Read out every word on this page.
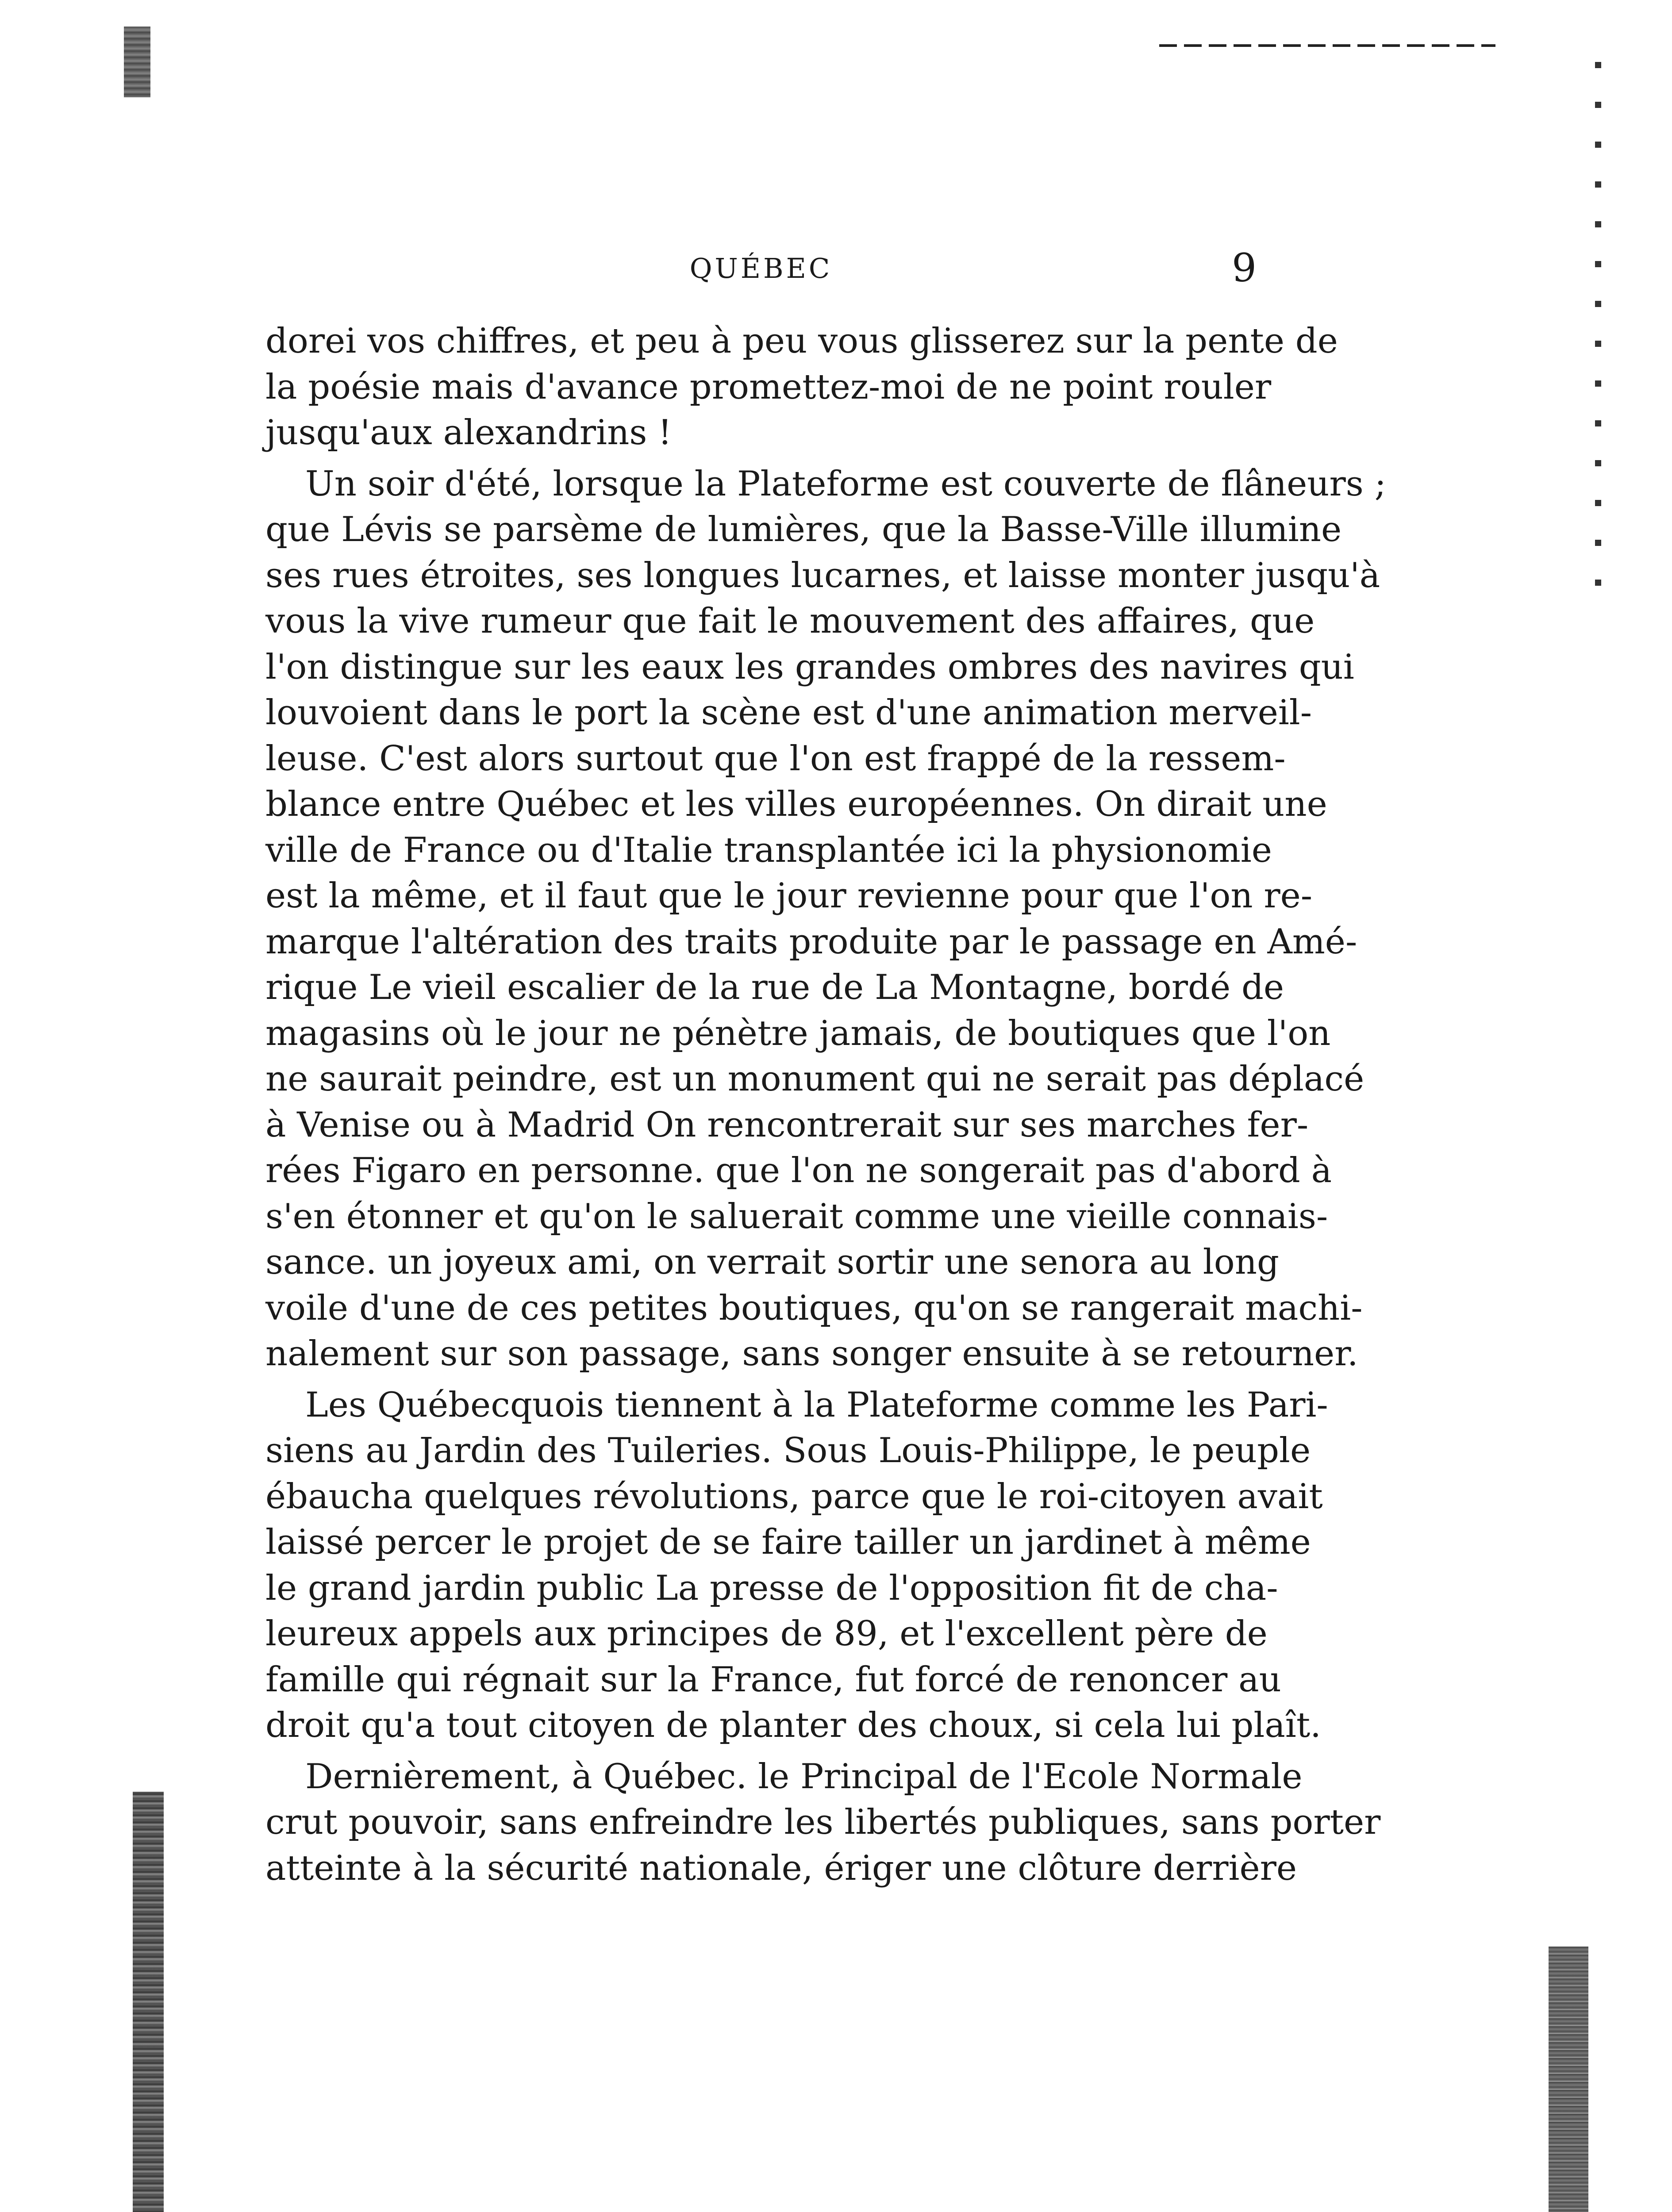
QUÉBEC	9
dorei vos chiffres, et peu à peu vous glisserez sur la pente de
la poésie mais d'avance promettez-moi de ne point rouler
jusqu'aux alexandrins !
Un soir d'été, lorsque la Plateforme est couverte de flâneurs ;
que Lévis se parsème de lumières, que la Basse-Ville illumine
ses rues étroites, ses longues lucarnes, et laisse monter jusqu'à
vous la vive rumeur que fait le mouvement des affaires, que
l'on distingue sur les eaux les grandes ombres des navires qui
louvoient dans le port la scène est d'une animation merveil-
leuse. C'est alors surtout que l'on est frappé de la ressem-
blance entre Québec et les villes européennes. On dirait une
ville de France ou d'Italie transplantée ici la physionomie
est la même, et il faut que le jour revienne pour que l'on re-
marque l'altération des traits produite par le passage en Amé-
rique Le vieil escalier de la rue de La Montagne, bordé de
magasins où le jour ne pénètre jamais, de boutiques que l'on
ne saurait peindre, est un monument qui ne serait pas déplacé
à Venise ou à Madrid On rencontrerait sur ses marches fer-
rées Figaro en personne. que l'on ne songerait pas d'abord à
s'en étonner et qu'on le saluerait comme une vieille connais-
sance. un joyeux ami, on verrait sortir une senora au long
voile d'une de ces petites boutiques, qu'on se rangerait machi-
nalement sur son passage, sans songer ensuite à se retourner.
Les Québecquois tiennent à la Plateforme comme les Pari-
siens au Jardin des Tuileries. Sous Louis-Philippe, le peuple
ébaucha quelques révolutions, parce que le roi-citoyen avait
laissé percer le projet de se faire tailler un jardinet à même
le grand jardin public La presse de l'opposition fit de cha-
leureux appels aux principes de 89, et l'excellent père de
famille qui régnait sur la France, fut forcé de renoncer au
droit qu'a tout citoyen de planter des choux, si cela lui plaît.
Dernièrement, à Québec. le Principal de l'Ecole Normale
crut pouvoir, sans enfreindre les libertés publiques, sans porter
atteinte à la sécurité nationale, ériger une clôture derrière
